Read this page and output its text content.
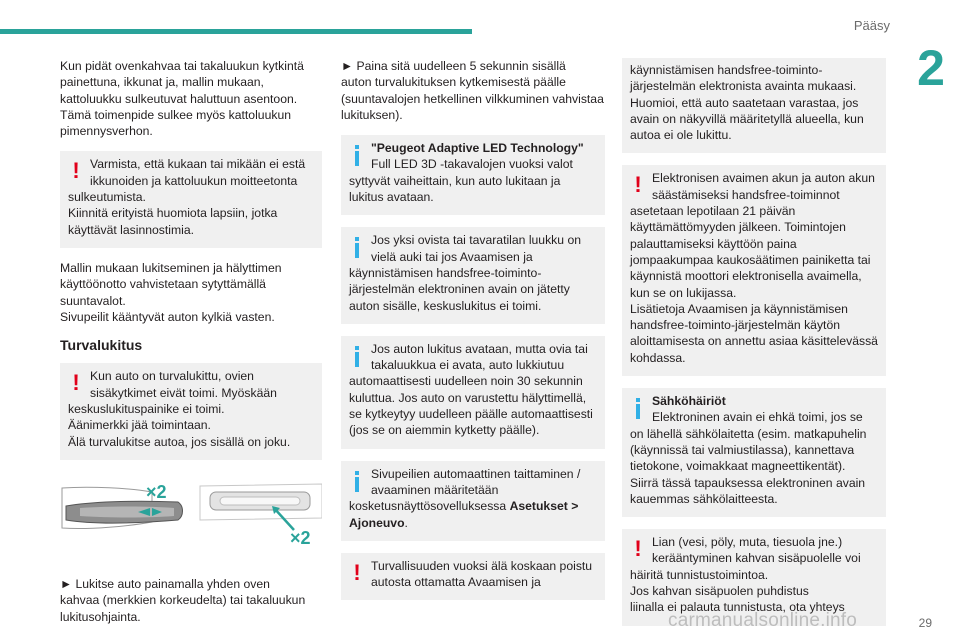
Pääsy
2

Kun pidät ovenkahvaa tai takaluukun kytkintä
painettuna, ikkunat ja, mallin mukaan,
kattoluukku sulkeutuvat haluttuun asentoon.
Tämä toimenpide sulkee myös kattoluukun
pimennysverhon.

! Varmista, että kukaan tai mikään ei estä
ikkunoiden ja kattoluukun moitteetonta
sulkeutumista.
Kiinnitä erityistä huomiota lapsiin, jotka
käyttävät lasinnostimia.

Mallin mukaan lukitseminen ja hälyttimen
käyttöönotto vahvistetaan sytyttämällä
suuntavalot.
Sivupeilit kääntyvät auton kylkiä vasten.

Turvalukitus
! Kun auto on turvalukittu, ovien
sisäkytkimet eivät toimi. Myöskään
keskuslukituspainike ei toimi.
Äänimerkki jää toimintaan.
Älä turvalukitse autoa, jos sisällä on joku.
×2
×2

► Lukitse auto painamalla yhden oven
kahvaa (merkkien korkeudelta) tai takaluukun
lukitusohjainta.

► Paina sitä uudelleen 5 sekunnin sisällä
auton turvalukituksen kytkemisestä päälle
(suuntavalojen hetkellinen vilkkuminen vahvistaa
lukituksen).

"Peugeot Adaptive LED Technology"
Full LED 3D -takavalojen vuoksi valot
syttyvät vaiheittain, kun auto lukitaan ja
lukitus avataan.
Jos yksi ovista tai tavaratilan luukku on
vielä auki tai jos Avaamisen ja
käynnistämisen handsfree-toiminto-
järjestelmän elektroninen avain on jätetty
auton sisälle, keskuslukitus ei toimi.
Jos auton lukitus avataan, mutta ovia tai
takaluukkua ei avata, auto lukkiutuu
automaattisesti uudelleen noin 30 sekunnin
kuluttua. Jos auto on varustettu hälyttimellä,
se kytkeytyy uudelleen päälle automaattisesti
(jos se on aiemmin kytketty päälle).
Sivupeilien automaattinen taittaminen /
avaaminen määritetään
kosketusnäyttösovelluksessa Asetukset >
Ajoneuvo.
! Turvallisuuden vuoksi älä koskaan poistu
autosta ottamatta Avaamisen ja
käynnistämisen handsfree-toiminto-
järjestelmän elektronista avainta mukaasi.
Huomioi, että auto saatetaan varastaa, jos
avain on näkyvillä määritetyllä alueella, kun
autoa ei ole lukittu.
! Elektronisen avaimen akun ja auton akun
säästämiseksi handsfree-toiminnot
asetetaan lepotilaan 21 päivän
käyttämättömyyden jälkeen. Toimintojen
palauttamiseksi käyttöön paina
jompaakumpaa kaukosäätimen painiketta tai
käynnistä moottori elektronisella avaimella,
kun se on lukijassa.
Lisätietoja Avaamisen ja käynnistämisen
handsfree-toiminto-järjestelmän käytön
aloittamisesta on annettu asiaa käsittelevässä
kohdassa.
Sähköhäiriöt
Elektroninen avain ei ehkä toimi, jos se
on lähellä sähkölaitetta (esim. matkapuhelin
(käynnissä tai valmiustilassa), kannettava
tietokone, voimakkaat magneettikentät).
Siirrä tässä tapauksessa elektroninen avain
kauemmas sähkölaitteesta.
! Lian (vesi, pöly, muta, tiesuola jne.)
kerääntyminen kahvan sisäpuolelle voi
häiritä tunnistustoimintoa.
Jos kahvan sisäpuolen puhdistus
liinalla ei palauta tunnistusta, ota yhteys
carmanualsonline.info	29
